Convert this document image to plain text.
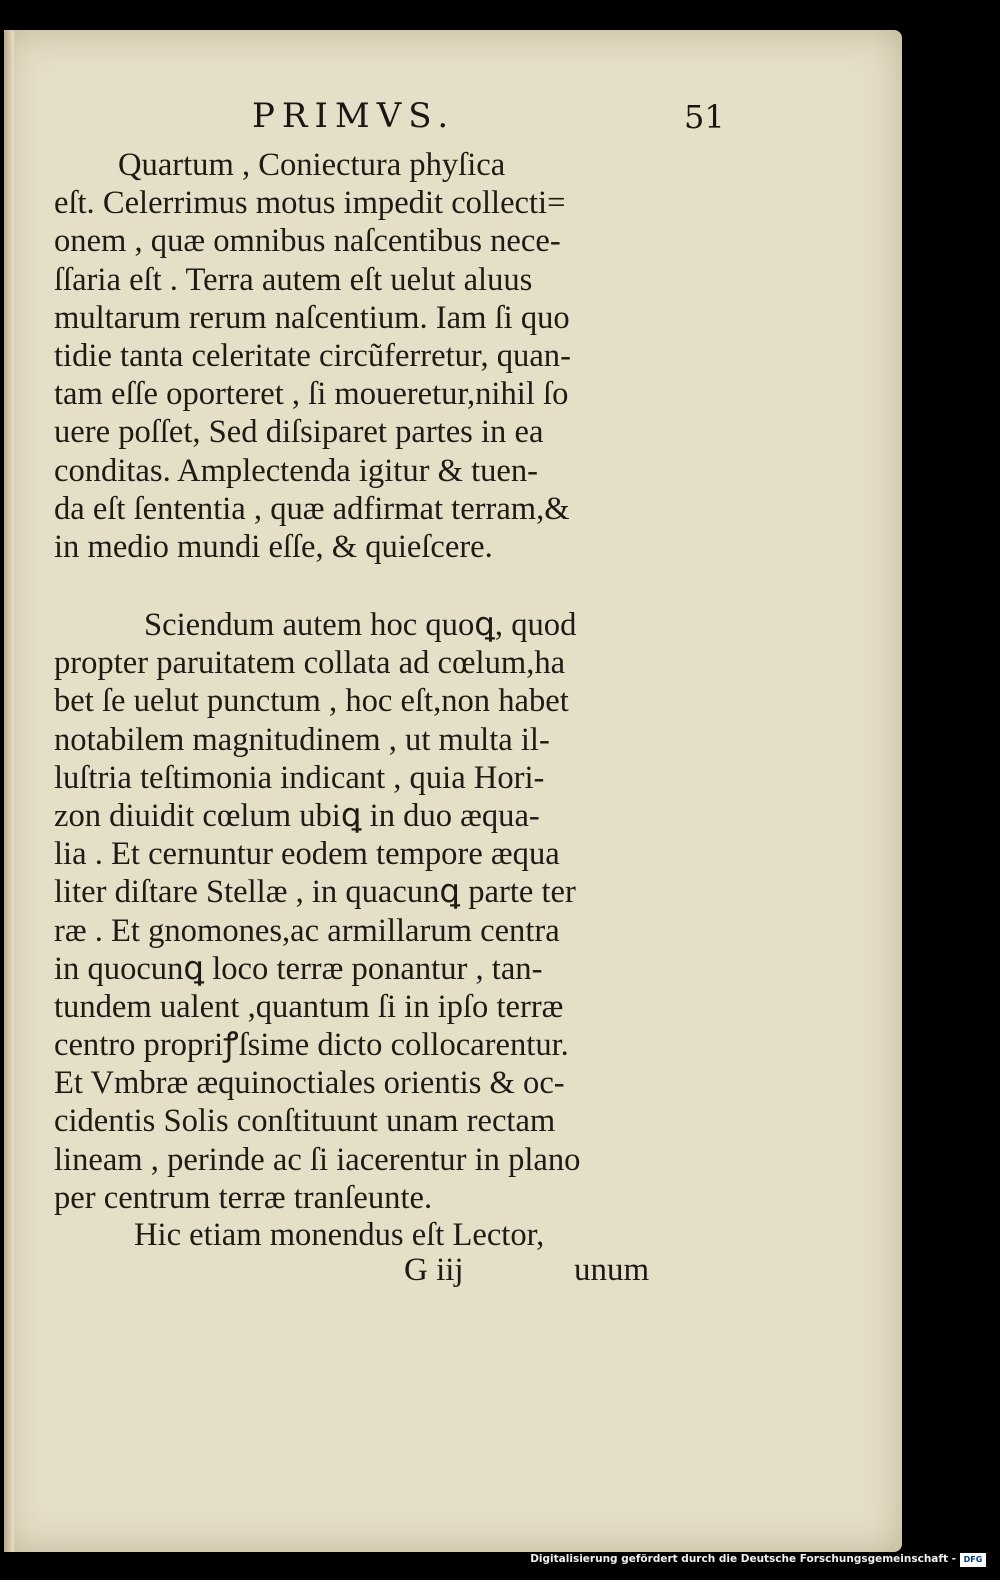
PRIMVS.	51
Quartum , Coniectura phyſica
eſt. Celerrimus motus impedit collecti=
onem , quæ omnibus naſcentibus nece-
ſſaria eſt . Terra autem eſt uelut aluus
multarum rerum naſcentium. Iam ſi quo
tidie tanta celeritate circũferretur, quan-
tam eſſe oporteret , ſi moueretur,nihil ſo
uere poſſet, Sed diſsiparet partes in ea
conditas. Amplectenda igitur & tuen-
da eſt ſententia , quæ adfirmat terram,&
in medio mundi eſſe, & quieſcere.
Sciendum autem hoc quoꝗ, quod
propter paruitatem collata ad cœlum,ha
bet ſe uelut punctum , hoc eſt,non habet
notabilem magnitudinem , ut multa il-
luſtria teſtimonia indicant , quia Hori-
zon diuidit cœlum ubiꝗ in duo æqua-
lia . Et cernuntur eodem tempore æqua
liter diſtare Stellæ , in quacunꝗ parte ter
ræ . Et gnomones,ac armillarum centra
in quocunꝗ loco terræ ponantur , tan-
tundem ualent ,quantum ſi in ipſo terræ
centro propriꝭſsime dicto collocarentur.
Et Vmbræ æquinoctiales orientis & oc-
cidentis Solis conſtituunt unam rectam
lineam , perinde ac ſi iacerentur in plano
per centrum terræ tranſeunte.
Hic etiam monendus eſt Lector,
G iij	unum
Digitalisierung gefördert durch die Deutsche Forschungsgemeinschaft - DFG
